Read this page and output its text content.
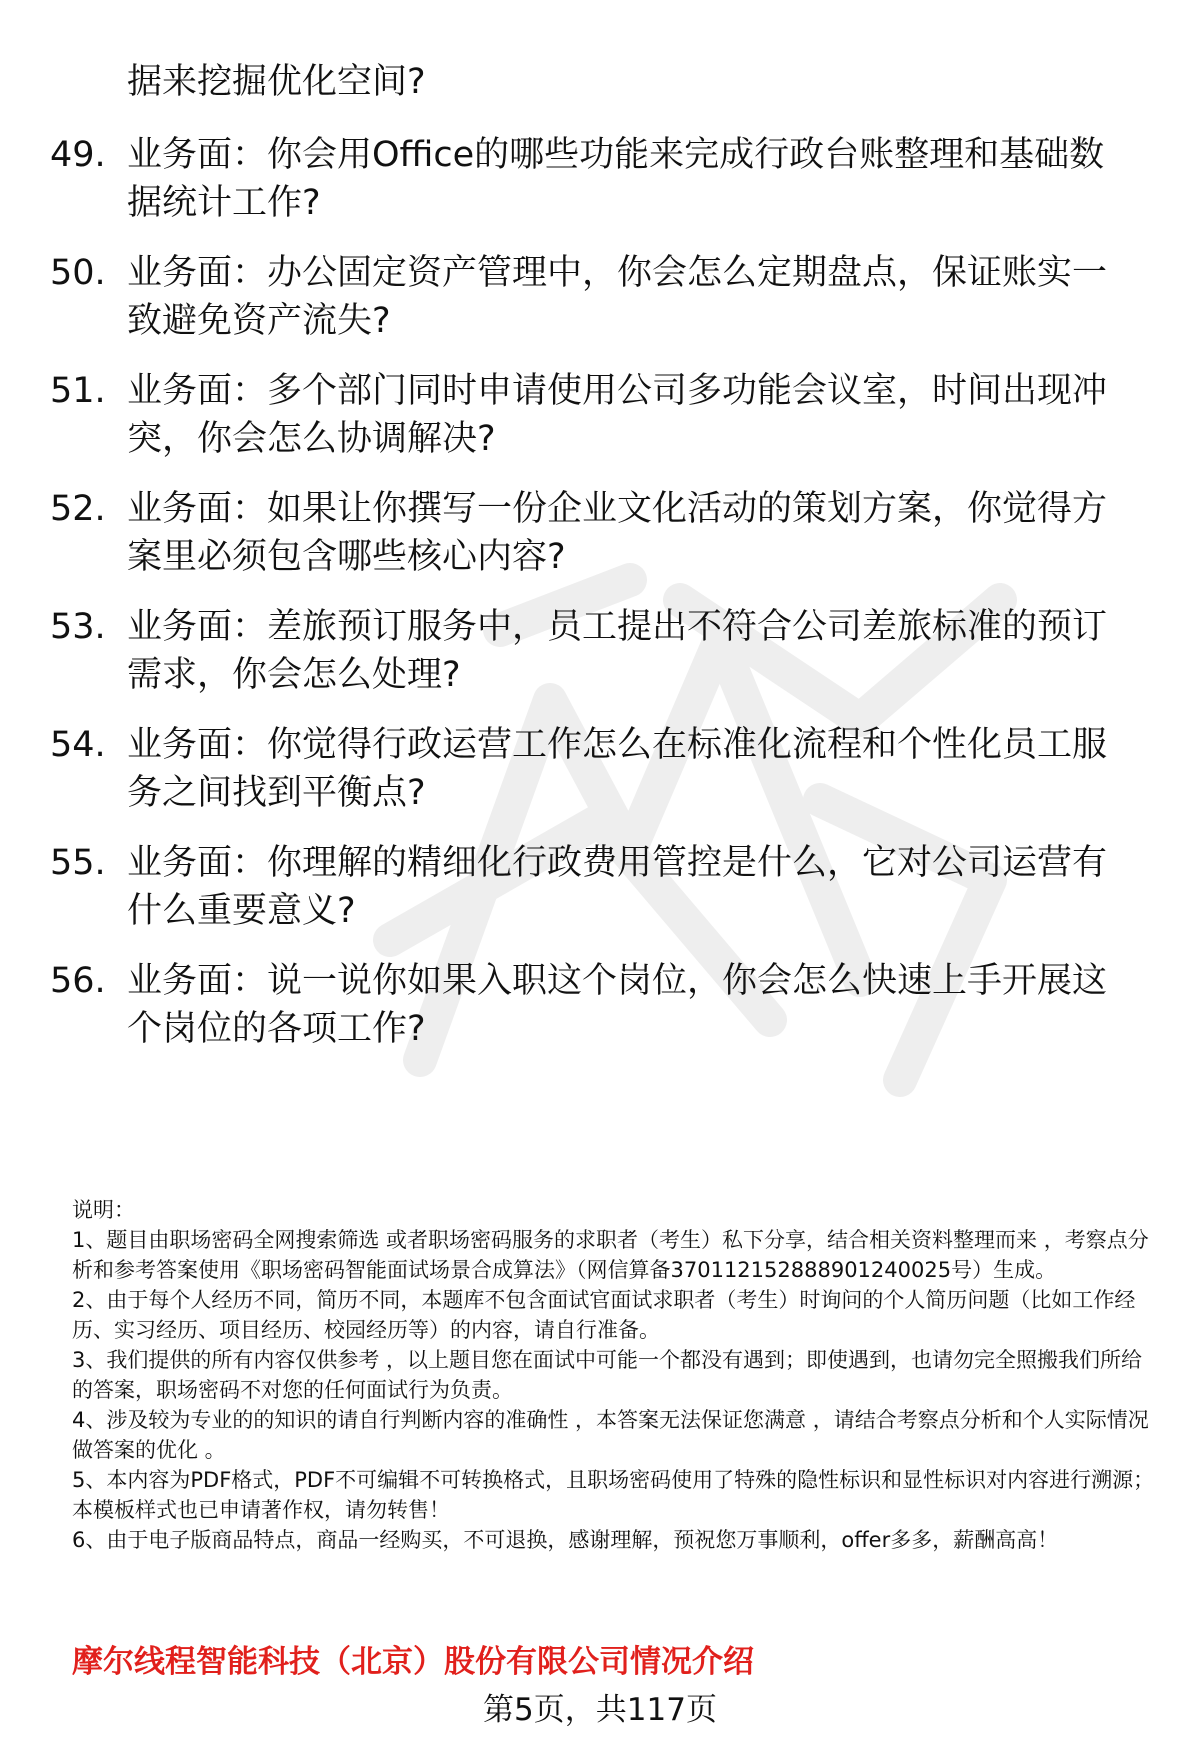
据来挖掘优化空间?

49. 业务面：你会用Office的哪些功能来完成行政台账整理和基础数据统计工作?
50. 业务面：办公固定资产管理中，你会怎么定期盘点，保证账实一致避免资产流失?
51. 业务面：多个部门同时申请使用公司多功能会议室，时间出现冲突，你会怎么协调解决?
52. 业务面：如果让你撰写一份企业文化活动的策划方案，你觉得方案里必须包含哪些核心内容?
53. 业务面：差旅预订服务中，员工提出不符合公司差旅标准的预订需求，你会怎么处理?
54. 业务面：你觉得行政运营工作怎么在标准化流程和个性化员工服务之间找到平衡点?
55. 业务面：你理解的精细化行政费用管控是什么，它对公司运营有什么重要意义?
56. 业务面：说一说你如果入职这个岗位，你会怎么快速上手开展这个岗位的各项工作?

说明：

1、题目由职场密码全网搜索筛选 或者职场密码服务的求职者（考生）私下分享，结合相关资料整理而来 ，考察点分析和参考答案使用《职场密码智能面试场景合成算法》（网信算备370112152888901240025号）生成。

2、由于每个人经历不同，简历不同，本题库不包含面试官面试求职者（考生）时询问的个人简历问题（比如工作经历、实习经历、项目经历、校园经历等）的内容，请自行准备。

3、我们提供的所有内容仅供参考 ，以上题目您在面试中可能一个都没有遇到；即使遇到，也请勿完全照搬我们所给的答案，职场密码不对您的任何面试行为负责。

4、涉及较为专业的的知识的请自行判断内容的准确性 ，本答案无法保证您满意 ，请结合考察点分析和个人实际情况做答案的优化 。

5、本内容为PDF格式，PDF不可编辑不可转换格式，且职场密码使用了特殊的隐性标识和显性标识对内容进行溯源；本模板样式也已申请著作权，请勿转售！

6、由于电子版商品特点，商品一经购买，不可退换，感谢理解，预祝您万事顺利，offer多多，薪酬高高！

摩尔线程智能科技（北京）股份有限公司情况介绍
第5页，共117页
